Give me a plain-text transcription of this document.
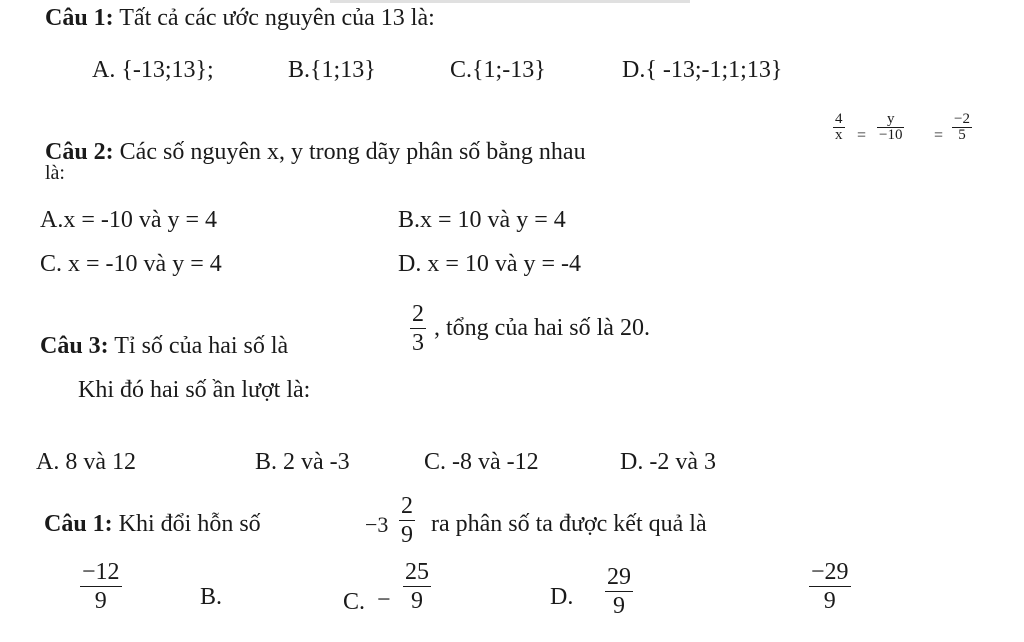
Câu 1: Tất cả các ước nguyên của 13 là:
A. {-13;13};	B.{1;13}	C.{1;-13}	D.{ -13;-1;1;13}
Câu 2: Các số nguyên x, y trong dãy phân số bằng nhau
là:
4
x =
y
−10 =
−2
5
A.x = -10 và y = 4	B.x = 10 và y = 4
C. x = -10 và y = 4	D. x = 10 và y = -4
Câu 3: Tỉ số của hai số là
2
3
, tổng của hai số là 20.
Khi đó hai số ần lượt là:
A. 8 và 12	B. 2 và -3	C. -8 và -12	D. -2 và 3
Câu 1: Khi đổi hỗn số	−3
2
9 ra phân số ta được kết quả là
−12
9	B.	C. −
25
9	D.
29
9
−29
9
